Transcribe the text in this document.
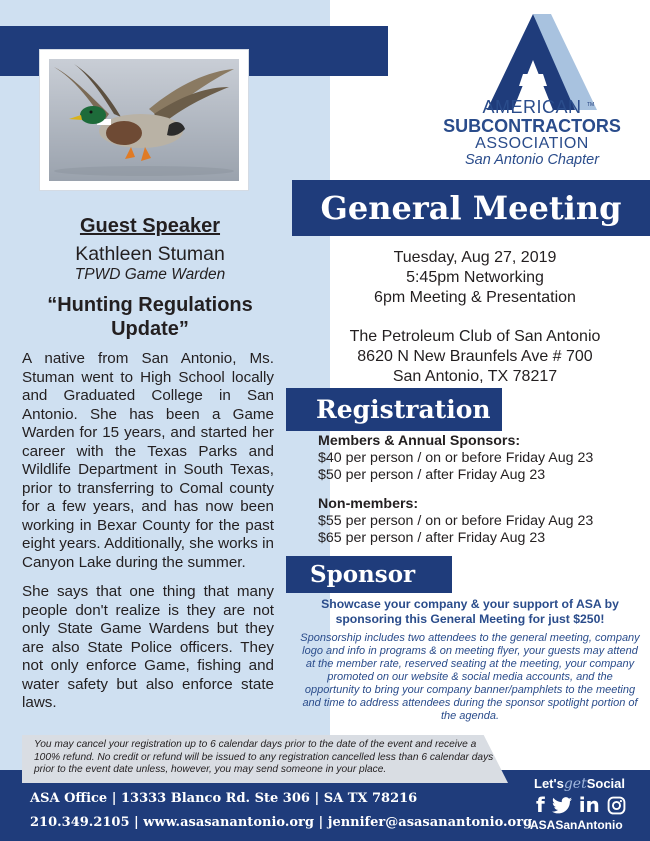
TM
AMERICAN
SUBCONTRACTORS
ASSOCIATION
San Antonio Chapter
General Meeting
Tuesday, Aug 27, 2019
5:45pm Networking
6pm Meeting & Presentation
The Petroleum Club of San Antonio
8620 N New Braunfels Ave # 700
San Antonio, TX 78217
Registration
Members & Annual Sponsors:
$40 per person / on or before Friday Aug 23
$50 per person / after Friday Aug 23
Non-members:
$55 per person / on or before Friday Aug 23
$65 per person / after Friday Aug 23
Sponsor
Showcase your company & your support of ASA by sponsoring this General Meeting for just $250!
Sponsorship includes two attendees to the general meeting, company logo and info in programs & on meeting flyer, your guests may attend at the member rate, reserved seating at the meeting, your company promoted on our website & social media accounts, and the opportunity to bring your company banner/pamphlets to the meeting and time to address attendees during the sponsor spotlight portion of the agenda.
Guest Speaker
Kathleen Stuman
TPWD Game Warden
“Hunting Regulations
Update”
A native from San Antonio, Ms. Stuman went to High School locally and Graduated College in San Antonio. She has been a Game Warden for 15 years, and started her career with the Texas Parks and Wildlife Department in South Texas, prior to transferring to Comal county for a few years, and has now been working in Bexar County for the past eight years. Additionally, she works in Canyon Lake during the summer.
She says that one thing that many people don't realize is they are not only State Game Wardens but they are also State Police officers. They not only enforce Game, fishing and water safety but also enforce state laws.
You may cancel your registration up to 6 calendar days prior to the date of the event and receive a 100% refund. No credit or refund will be issued to any registration cancelled less than 6 calendar days prior to the event date unless, however, you may send someone in your place.
ASA Office | 13333 Blanco Rd. Ste 306 | SA TX 78216
210.349.2105 | www.asasanantonio.org | jennifer@asasanantonio.org
Let'sgetSocial
f in
ASASanAntonio
